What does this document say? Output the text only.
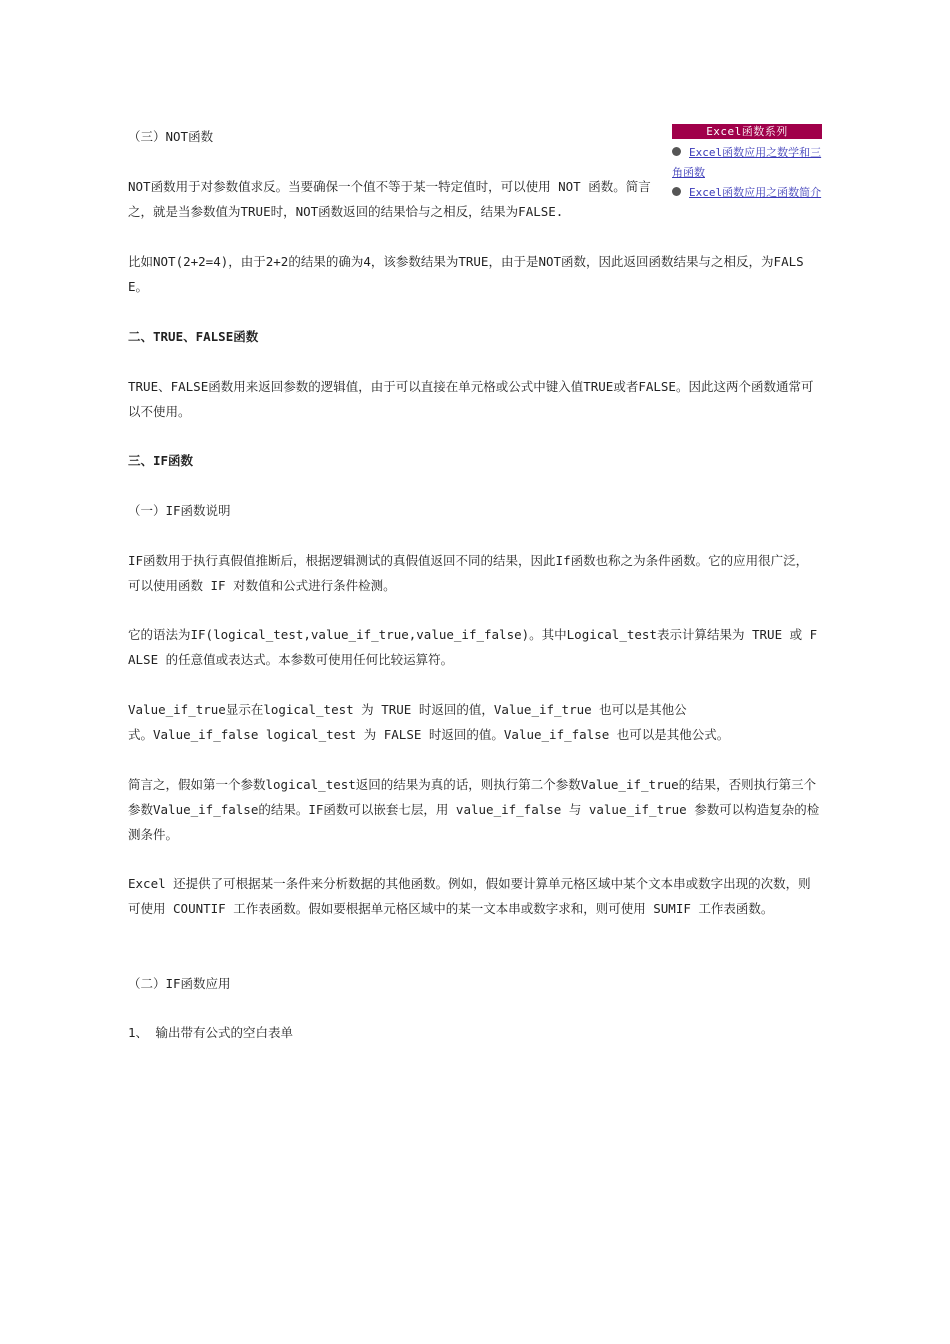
（三）NOT函数

NOT函数用于对参数值求反。当要确保一个值不等于某一特定值时，可以使用 NOT 函数。简言之，就是当参数值为TRUE时，NOT函数返回的结果恰与之相反，结果为FALSE.

比如NOT(2+2=4)，由于2+2的结果的确为4，该参数结果为TRUE，由于是NOT函数，因此返回函数结果与之相反，为FALSE。

二、TRUE、FALSE函数

TRUE、FALSE函数用来返回参数的逻辑值，由于可以直接在单元格或公式中键入值TRUE或者FALSE。因此这两个函数通常可以不使用。

三、IF函数

（一）IF函数说明

IF函数用于执行真假值推断后，根据逻辑测试的真假值返回不同的结果，因此If函数也称之为条件函数。它的应用很广泛，可以使用函数 IF 对数值和公式进行条件检测。

它的语法为IF(logical_test,value_if_true,value_if_false)。其中Logical_test表示计算结果为 TRUE 或 FALSE 的任意值或表达式。本参数可使用任何比较运算符。

Value_if_true显示在logical_test 为 TRUE 时返回的值，Value_if_true 也可以是其他公

式。Value_if_false logical_test 为 FALSE 时返回的值。Value_if_false 也可以是其他公式。

简言之，假如第一个参数logical_test返回的结果为真的话，则执行第二个参数Value_if_true的结果，否则执行第三个参数Value_if_false的结果。IF函数可以嵌套七层，用 value_if_false 与 value_if_true 参数可以构造复杂的检测条件。

Excel 还提供了可根据某一条件来分析数据的其他函数。例如，假如要计算单元格区域中某个文本串或数字出现的次数，则可使用 COUNTIF 工作表函数。假如要根据单元格区域中的某一文本串或数字求和，则可使用 SUMIF 工作表函数。

（二）IF函数应用

1、 输出带有公式的空白表单

Excel函数系列
Excel函数应用之数学和三角函数
Excel函数应用之函数简介
